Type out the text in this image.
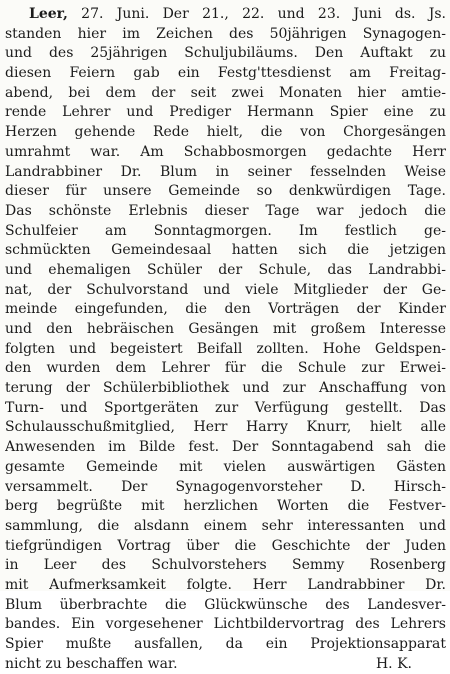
Leer, 27. Juni. Der 21., 22. und 23. Juni ds. Js.
standen hier im Zeichen des 50jährigen Synagogen-
und des 25jährigen Schuljubiläums. Den Auftakt zu
diesen Feiern gab ein Festg'ttesdienst am Freitag-
abend, bei dem der seit zwei Monaten hier amtie-
rende Lehrer und Prediger Hermann Spier eine zu
Herzen gehende Rede hielt, die von Chorgesängen
umrahmt war. Am Schabbosmorgen gedachte Herr
Landrabbiner Dr. Blum in seiner fesselnden Weise
dieser für unsere Gemeinde so denkwürdigen Tage.
Das schönste Erlebnis dieser Tage war jedoch die
Schulfeier am Sonntagmorgen. Im festlich ge-
schmückten Gemeindesaal hatten sich die jetzigen
und ehemaligen Schüler der Schule, das Landrabbi-
nat, der Schulvorstand und viele Mitglieder der Ge-
meinde eingefunden, die den Vorträgen der Kinder
und den hebräischen Gesängen mit großem Interesse
folgten und begeistert Beifall zollten. Hohe Geldspen-
den wurden dem Lehrer für die Schule zur Erwei-
terung der Schülerbibliothek und zur Anschaffung von
Turn- und Sportgeräten zur Verfügung gestellt. Das
Schulausschußmitglied, Herr Harry Knurr, hielt alle
Anwesenden im Bilde fest. Der Sonntagabend sah die
gesamte Gemeinde mit vielen auswärtigen Gästen
versammelt. Der Synagogenvorsteher D. Hirsch-
berg begrüßte mit herzlichen Worten die Festver-
sammlung, die alsdann einem sehr interessanten und
tiefgründigen Vortrag über die Geschichte der Juden
in Leer des Schulvorstehers Semmy Rosenberg
mit Aufmerksamkeit folgte. Herr Landrabbiner Dr.
Blum überbrachte die Glückwünsche des Landesver-
bandes. Ein vorgesehener Lichtbildervortrag des Lehrers
Spier mußte ausfallen, da ein Projektionsapparat
nicht zu beschaffen war.	H. K.
